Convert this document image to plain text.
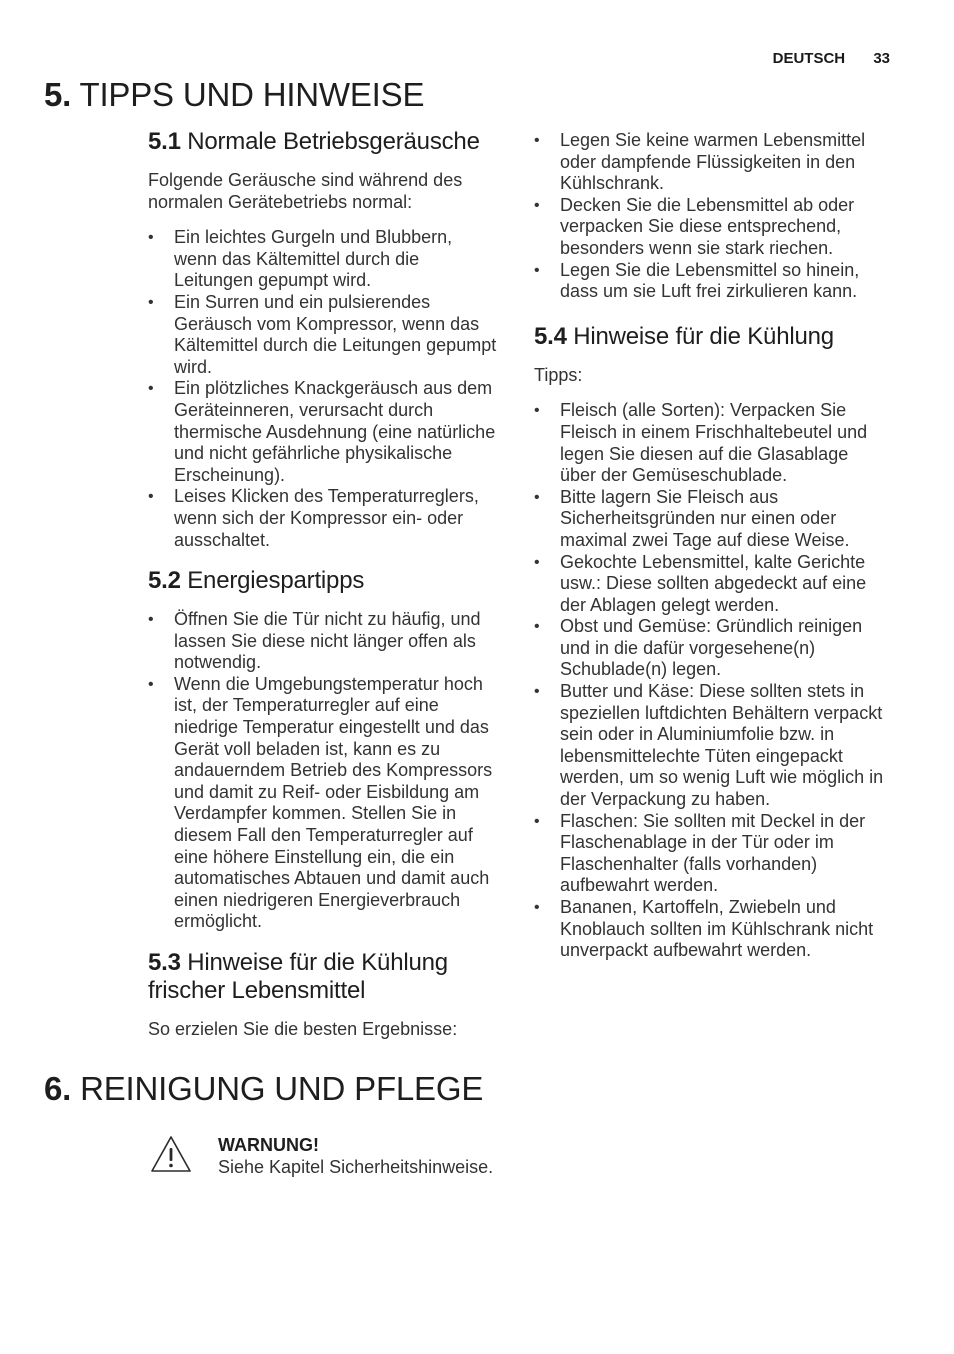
DEUTSCH 33
5. TIPPS UND HINWEISE
5.1 Normale Betriebsgeräusche

Folgende Geräusche sind während des normalen Gerätebetriebs normal:

• Ein leichtes Gurgeln und Blubbern, wenn das Kältemittel durch die Leitungen gepumpt wird.
• Ein Surren und ein pulsierendes Geräusch vom Kompressor, wenn das Kältemittel durch die Leitungen gepumpt wird.
• Ein plötzliches Knackgeräusch aus dem Geräteinneren, verursacht durch thermische Ausdehnung (eine natürliche und nicht gefährliche physikalische Erscheinung).
• Leises Klicken des Temperaturreglers, wenn sich der Kompressor ein- oder ausschaltet.
5.2 Energiespartipps
• Öffnen Sie die Tür nicht zu häufig, und lassen Sie diese nicht länger offen als notwendig.
• Wenn die Umgebungstemperatur hoch ist, der Temperaturregler auf eine niedrige Temperatur eingestellt und das Gerät voll beladen ist, kann es zu andauerndem Betrieb des Kompressors und damit zu Reif- oder Eisbildung am Verdampfer kommen. Stellen Sie in diesem Fall den Temperaturregler auf eine höhere Einstellung ein, die ein automatisches Abtauen und damit auch einen niedrigeren Energieverbrauch ermöglicht.
5.3 Hinweise für die Kühlung frischer Lebensmittel

So erzielen Sie die besten Ergebnisse:

• Legen Sie keine warmen Lebensmittel oder dampfende Flüssigkeiten in den Kühlschrank.
• Decken Sie die Lebensmittel ab oder verpacken Sie diese entsprechend, besonders wenn sie stark riechen.
• Legen Sie die Lebensmittel so hinein, dass um sie Luft frei zirkulieren kann.
5.4 Hinweise für die Kühlung

Tipps:

• Fleisch (alle Sorten): Verpacken Sie Fleisch in einem Frischhaltebeutel und legen Sie diesen auf die Glasablage über der Gemüseschublade.
• Bitte lagern Sie Fleisch aus Sicherheitsgründen nur einen oder maximal zwei Tage auf diese Weise.
• Gekochte Lebensmittel, kalte Gerichte usw.: Diese sollten abgedeckt auf eine der Ablagen gelegt werden.
• Obst und Gemüse: Gründlich reinigen und in die dafür vorgesehene(n) Schublade(n) legen.
• Butter und Käse: Diese sollten stets in speziellen luftdichten Behältern verpackt sein oder in Aluminiumfolie bzw. in lebensmittelechte Tüten eingepackt werden, um so wenig Luft wie möglich in der Verpackung zu haben.
• Flaschen: Sie sollten mit Deckel in der Flaschenablage in der Tür oder im Flaschenhalter (falls vorhanden) aufbewahrt werden.
• Bananen, Kartoffeln, Zwiebeln und Knoblauch sollten im Kühlschrank nicht unverpackt aufbewahrt werden.
6. REINIGUNG UND PFLEGE
WARNUNG!
Siehe Kapitel Sicherheitshinweise.
